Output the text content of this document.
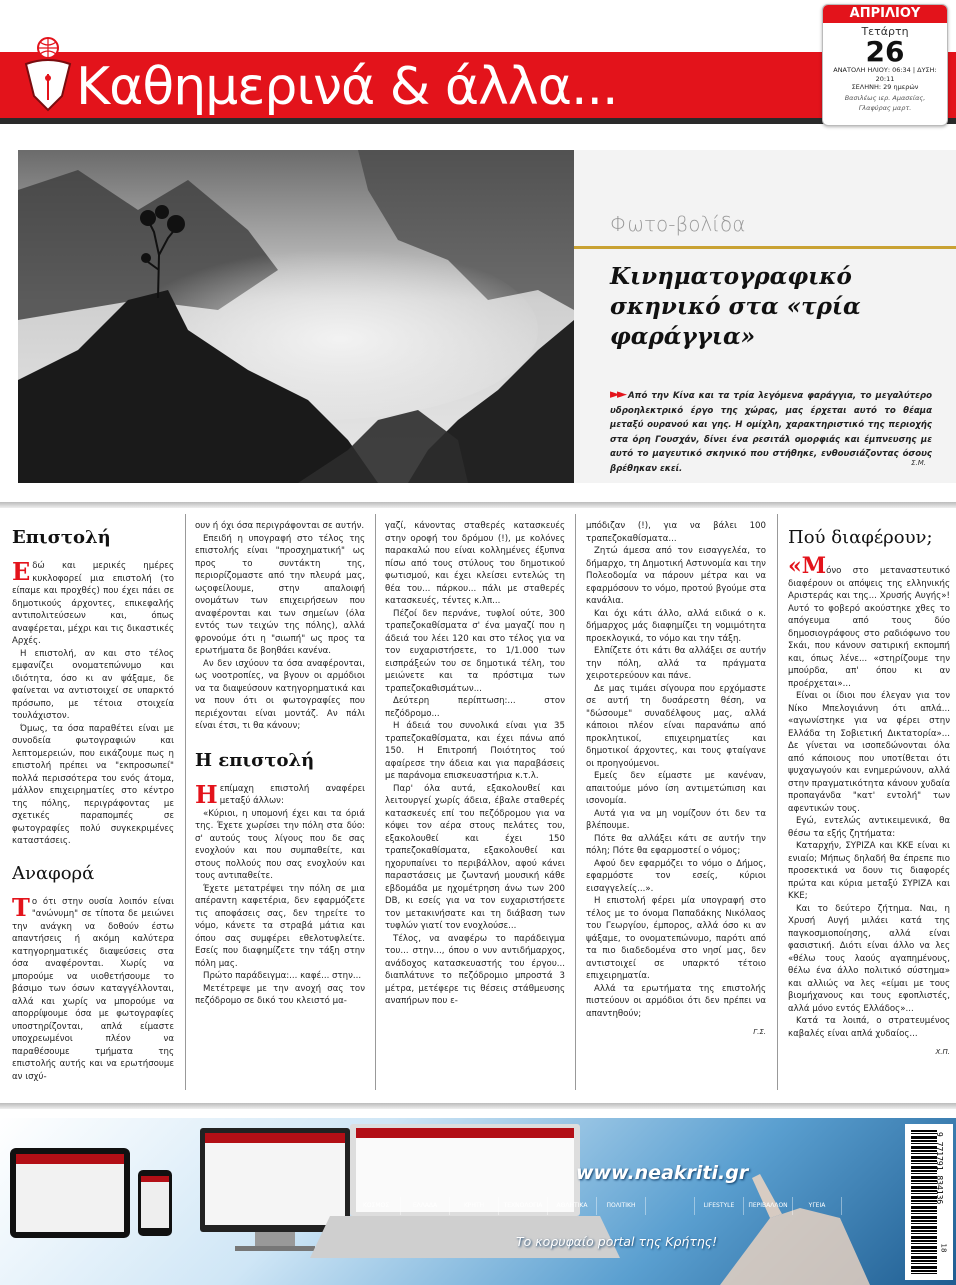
Καθημερινά & άλλα...
ΑΠΡΙΛΙΟΥ
Τετάρτη
26
ΑΝΑΤΟΛΗ ΗΛΙΟΥ: 06:34 | ΔΥΣΗ: 20:11
ΣΕΛΗΝΗ: 29 ημερών
Βασιλέως ιερ. Αμασείας,
Γλαφύρας μαρτ.
Φωτο-βολίδα
Κινηματογραφικό σκηνικό στα «τρία φαράγγια»
►► Από την Κίνα και τα τρία λεγόμενα φαράγγια, το μεγαλύτερο υδροηλεκτρικό έργο της χώρας, μας έρχεται αυτό το θέαμα μεταξύ ουρανού και γης. Η ομίχλη, χαρακτηριστικό της περιοχής στα όρη Γουσχάν, δίνει ένα ρεσιτάλ ομορφιάς και έμπνευσης με αυτό το μαγευτικό σκηνικό που στήθηκε, ενθουσιάζοντας όσους βρέθηκαν εκεί.
Σ.Μ.
Επιστολή

Εδώ και μερικές ημέρες κυκλοφορεί μια επιστολή (το είπαμε και προχθές) που έχει πάει σε δημοτικούς άρχοντες, επικεφαλής αντιπολιτεύσεων και, όπως αναφέρεται, μέχρι και τις δικαστικές Αρχές.

Η επιστολή, αν και στο τέλος εμφανίζει ονοματεπώνυμο και ιδιότητα, όσο κι αν ψάξαμε, δε φαίνεται να αντιστοιχεί σε υπαρκτό πρόσωπο, με τέτοια στοιχεία τουλάχιστον.

Όμως, τα όσα παραθέτει είναι με συνοδεία φωτογραφιών και λεπτομερειών, που εικάζουμε πως η επιστολή πρέπει να "εκπροσωπεί" πολλά περισσότερα του ενός άτομα, μάλλον επιχειρηματίες στο κέντρο της πόλης, περιγράφοντας με σχετικές παραπομπές σε φωτογραφίες πολύ συγκεκριμένες καταστάσεις.

Αναφορά

Το ότι στην ουσία λοιπόν είναι "ανώνυμη" σε τίποτα δε μειώνει την ανάγκη να δοθούν έστω απαντήσεις ή ακόμη καλύτερα κατηγορηματικές διαψεύσεις στα όσα αναφέρονται. Χωρίς να μπορούμε να υιοθετήσουμε το βάσιμο των όσων καταγγέλλονται, αλλά και χωρίς να μπορούμε να απορρίψουμε όσα με φωτογραφίες υποστηρίζονται, απλά είμαστε υποχρεωμένοι πλέον να παραθέσουμε τμήματα της επιστολής αυτής και να ερωτήσουμε αν ισχύ-

ουν ή όχι όσα περιγράφονται σε αυτήν.

Επειδή η υπογραφή στο τέλος της επιστολής είναι "προσχηματική" ως προς το συντάκτη της, περιορίζομαστε από την πλευρά μας, ωςοφείλουμε, στην απαλοιφή ονομάτων των επιχειρήσεων που αναφέρονται και των σημείων (όλα εντός των τειχών της πόλης), αλλά φρονούμε ότι η "σιωπή" ως προς τα ερωτήματα δε βοηθάει κανένα.

Αν δεν ισχύουν τα όσα αναφέρονται, ως νοοτροπίες, να βγουν οι αρμόδιοι να τα διαψεύσουν κατηγορηματικά και να πουν ότι οι φωτογραφίες που περιέχονται είναι μοντάζ. Αν πάλι είναι έτσι, τι θα κάνουν;

Η επιστολή

Ηεπίμαχη επιστολή αναφέρει μεταξύ άλλων:

«Κύριοι, η υπομονή έχει και τα όριά της. Έχετε χωρίσει την πόλη στα δύο: σ' αυτούς τους λίγους που δε σας ενοχλούν και που συμπαθείτε, και στους πολλούς που σας ενοχλούν και τους αντιπαθείτε.

Έχετε μετατρέψει την πόλη σε μια απέραντη καφετέρια, δεν εφαρμόζετε τις αποφάσεις σας, δεν τηρείτε το νόμο, κάνετε τα στραβά μάτια και όπου σας συμφέρει εθελοτυφλείτε. Εσείς που διαφημίζετε την τάξη στην πόλη μας.

Πρώτο παράδειγμα:... καφέ... στην...

Μετέτρεψε με την ανοχή σας τον πεζόδρομο σε δικό του κλειστό μα-

γαζί, κάνοντας σταθερές κατασκευές στην οροφή του δρόμου (!), με κολόνες παρακαλώ που είναι κολλημένες έξυπνα πίσω από τους στύλους του δημοτικού φωτισμού, και έχει κλείσει εντελώς τη θέα του... πάρκου... πάλι με σταθερές κατασκευές, τέντες κ.λπ...

Πέζοί δεν περνάνε, τυφλοί ούτε, 300 τραπεζοκαθίσματα σ' ένα μαγαζί που η άδειά του λέει 120 και στο τέλος για να τον ευχαριστήσετε, το 1/1.000 των εισπράξεών του σε δημοτικά τέλη, του μειώνετε και τα πρόστιμα των τραπεζοκαθισμάτων...

Δεύτερη περίπτωση:... στον πεζόδρομο...

Η άδειά του συνολικά είναι για 35 τραπεζοκαθίσματα, και έχει πάνω από 150. Η Επιτροπή Ποιότητος τού αφαίρεσε την άδεια και για παραβάσεις με παράνομα επισκευαστήρια κ.τ.λ.

Παρ' όλα αυτά, εξακολουθεί και λειτουργεί χωρίς άδεια, έβαλε σταθερές κατασκευές επί του πεζόδρομου για να κόψει τον αέρα στους πελάτες του, εξακολουθεί και έχει 150 τραπεζοκαθίσματα, εξακολουθεί και ηχορυπαίνει το περιβάλλον, αφού κάνει παραστάσεις με ζωντανή μουσική κάθε εβδομάδα με ηχομέτρηση άνω των 200 DB, κι εσείς για να τον ευχαριστήσετε τον μετακινήσατε και τη διάβαση των τυφλών γιατί τον ενοχλούσε...

Τέλος, να αναφέρω το παράδειγμα του... στην..., όπου ο νυν αντιδήμαρχος, ανάδοχος κατασκευαστής του έργου... διαπλάτυνε το πεζόδρομιο μπροστά 3 μέτρα, μετέφερε τις θέσεις στάθμευσης αναπήρων που ε-

μπόδιζαν (!), για να βάλει 100 τραπεζοκαθίσματα...

Ζητώ άμεσα από τον εισαγγελέα, το δήμαρχο, τη Δημοτική Αστυνομία και την Πολεοδομία να πάρουν μέτρα και να εφαρμόσουν το νόμο, προτού βγούμε στα κανάλια.

Και όχι κάτι άλλο, αλλά ειδικά ο κ. δήμαρχος μάς διαφημίζει τη νομιμότητα προεκλογικά, το νόμο και την τάξη.

Ελπίζετε ότι κάτι θα αλλάξει σε αυτήν την πόλη, αλλά τα πράγματα χειροτερεύουν και πάνε.

Δε μας τιμάει σίγουρα που ερχόμαστε σε αυτή τη δυσάρεστη θέση, να "δώσουμε" συναδέλφους μας, αλλά κάποιοι πλέον είναι παρανάπω από προκλητικοί, επιχειρηματίες και δημοτικοί άρχοντες, και τους φταίγανε οι προηγούμενοι.

Εμείς δεν είμαστε με κανέναν, απαιτούμε μόνο ίση αντιμετώπιση και ισονομία.

Αυτά για να μη νομίζουν ότι δεν τα βλέπουμε.

Πότε θα αλλάξει κάτι σε αυτήν την πόλη; Πότε θα εφαρμοστεί ο νόμος;

Αφού δεν εφαρμόζει το νόμο ο Δήμος, εφαρμόστε τον εσείς, κύριοι εισαγγελείς...».

Η επιστολή φέρει μία υπογραφή στο τέλος με το όνομα Παπαδάκης Νικόλαος του Γεωργίου, έμπορος, αλλά όσο κι αν ψάξαμε, το ονοματεπώνυμο, παρότι από τα πιο διαδεδομένα στο νησί μας, δεν αντιστοιχεί σε υπαρκτό τέτοιο επιχειρηματία.

Αλλά τα ερωτήματα της επιστολής πιστεύουν οι αρμόδιοι ότι δεν πρέπει να απαντηθούν;

Γ.Σ.
Πού διαφέρουν;

«Μόνο στο μεταναστευτικό διαφέρουν οι απόψεις της ελληνικής Αριστεράς και της... Χρυσής Αυγής»! Αυτό το φοβερό ακούστηκε χθες το απόγευμα από τους δύο δημοσιογράφους στο ραδιόφωνο του Σκάι, που κάνουν σατιρική εκπομπή και, όπως λένε... «στηρίζουμε την μπούρδα, απ' όπου κι αν προέρχεται»...

Είναι οι ίδιοι που έλεγαν για τον Νίκο Μπελογιάννη ότι απλά... «αγωνίστηκε για να φέρει στην Ελλάδα τη Σοβιετική Δικτατορία»... Δε γίνεται να ισοπεδώνονται όλα από κάποιους που υποτίθεται ότι ψυχαγωγούν και ενημερώνουν, αλλά στην πραγματικότητα κάνουν χυδαία προπαγάνδα "κατ' εντολή" των αφεντικών τους.

Εγώ, εντελώς αντικειμενικά, θα θέσω τα εξής ζητήματα:

Καταρχήν, ΣΥΡΙΖΑ και ΚΚΕ είναι κι ενιαίο; Μήπως δηλαδή θα έπρεπε πιο προσεκτικά να δουν τις διαφορές πρώτα και κύρια μεταξύ ΣΥΡΙΖΑ και ΚΚΕ;

Και το δεύτερο ζήτημα. Ναι, η Χρυσή Αυγή μιλάει κατά της παγκοσμιοποίησης, αλλά είναι φασιστική. Διότι είναι άλλο να λες «θέλω τους λαούς αγαπημένους, θέλω ένα άλλο πολιτικό σύστημα» και αλλιώς να λες «είμαι με τους βιομήχανους και τους εφοπλιστές, αλλά μόνο εντός Ελλάδος»...

Κατά τα λοιπά, ο στρατευμένος καβαλές είναι απλά χυδαίος...

Χ.Π.
ΚΟΣΜΟΣ	ΕΛΛΑΔΑ	ΚΡΗΤΗ	ΤΕΧΝΟΛΟΓΙΑ	ΑΘΛΗΤΙΚΑ	ΠΟΛΙΤΙΚΗ	LIFESTYLE	ΠΕΡΙΒΑΛΛΟΝ	ΥΓΕΙΑ
www.neakriti.gr
Το κορυφαίο portal της Κρήτης!
9 771791 834136
18
